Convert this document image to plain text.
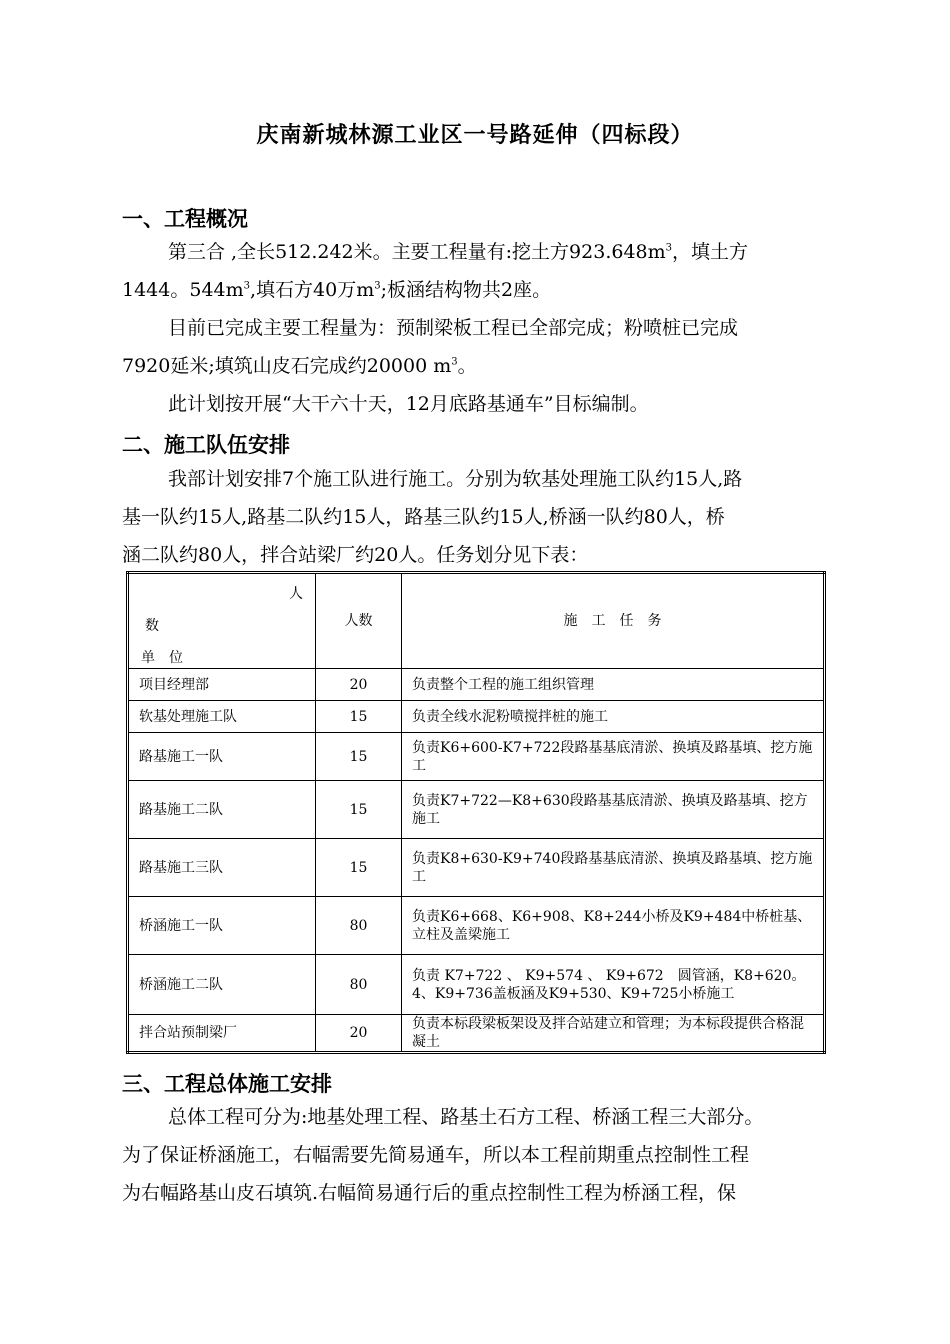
庆南新城林源工业区一号路延伸（四标段）
一、工程概况
第三合 ,全长512.242米。主要工程量有:挖土方$923.648m^3$，填土方
1444。$544m^3$,填石方40万$m^3$;板涵结构物共2座。
目前已完成主要工程量为：预制梁板工程已全部完成；粉喷桩已完成
7920延米;填筑山皮石完成约20000 $m^3$。
此计划按开展“大干六十天，12月底路基通车”目标编制。
二、施工队伍安排
我部计划安排7个施工队进行施工。分别为软基处理施工队约15人,路
基一队约15人,路基二队约15人，路基三队约15人,桥涵一队约80人，桥
涵二队约80人，拌合站梁厂约20人。任务划分见下表：
人
数
单　位	人数	施　工　任　务
项目经理部	20	负责整个工程的施工组织管理
软基处理施工队	15	负责全线水泥粉喷搅拌桩的施工
路基施工一队	15	负责K6+600-K7+722段路基基底清淤、换填及路基填、挖方施工
路基施工二队	15	负责K7+722—K8+630段路基基底清淤、换填及路基填、挖方施工
路基施工三队	15	负责K8+630-K9+740段路基基底清淤、换填及路基填、挖方施工
桥涵施工一队	80	负责K6+668、K6+908、K8+244小桥及K9+484中桥桩基、立柱及盖梁施工
桥涵施工二队	80	负责 K7+722 、 K9+574 、 K9+672　圆管涵，K8+620。4、K9+736盖板涵及K9+530、K9+725小桥施工
拌合站预制梁厂	20	负责本标段梁板架设及拌合站建立和管理；为本标段提供合格混凝土
三、工程总体施工安排
总体工程可分为:地基处理工程、路基土石方工程、桥涵工程三大部分。
为了保证桥涵施工，右幅需要先简易通车，所以本工程前期重点控制性工程
为右幅路基山皮石填筑.右幅简易通行后的重点控制性工程为桥涵工程，保
